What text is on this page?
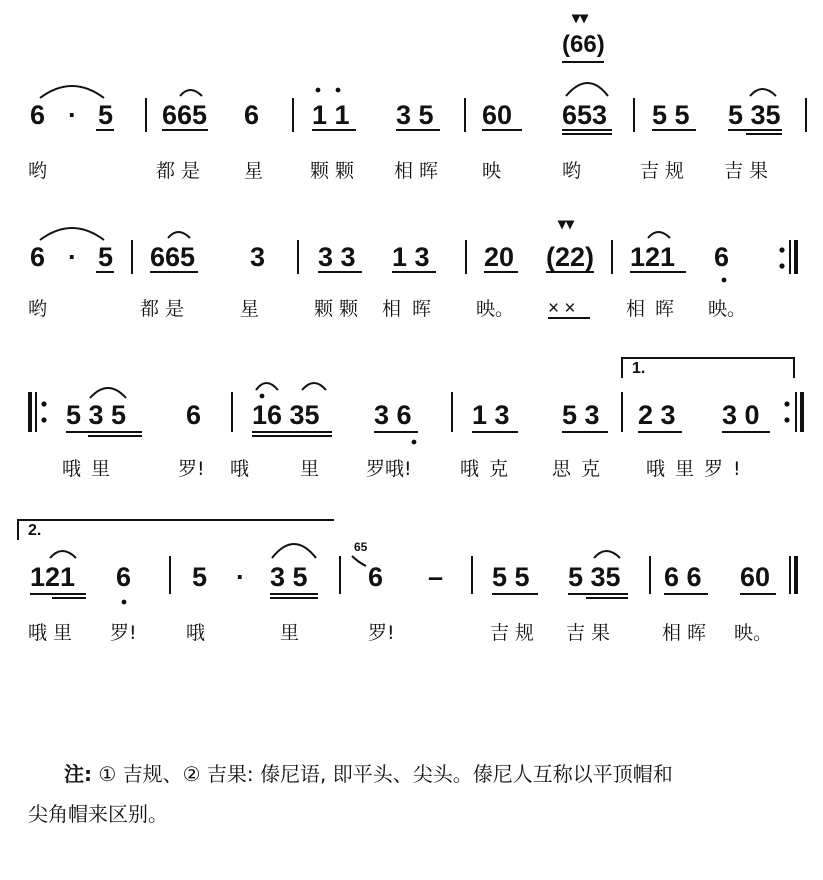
▾▾
(66)
6 · 5 665 6 1 1 3 5 60 653 5 5 5 35
哟	都是 星 颗颗 相晖 映	哟	吉规 吉果
▾▾
6 · 5 665 3 3 3 1 3 20 (22) 121 6
哟	都是	星	颗颗 相 晖 映。 × ×	相晖 映。
1.
5 3 5 6 16 35 3 6 1 3 5 3 2 3 3 0
哦里	罗! 哦	里 罗哦!	哦克 思克 哦里罗!
2.
65
121 6 5 · 3 5 6 – 5 5 5 35 6 6 60
哦里 罗!	哦	里	罗!	吉规 吉果 相晖 映。
注: ① 吉规、② 吉果: 傣尼语, 即平头、尖头。傣尼人互称以平顶帽和
尖角帽来区别。
